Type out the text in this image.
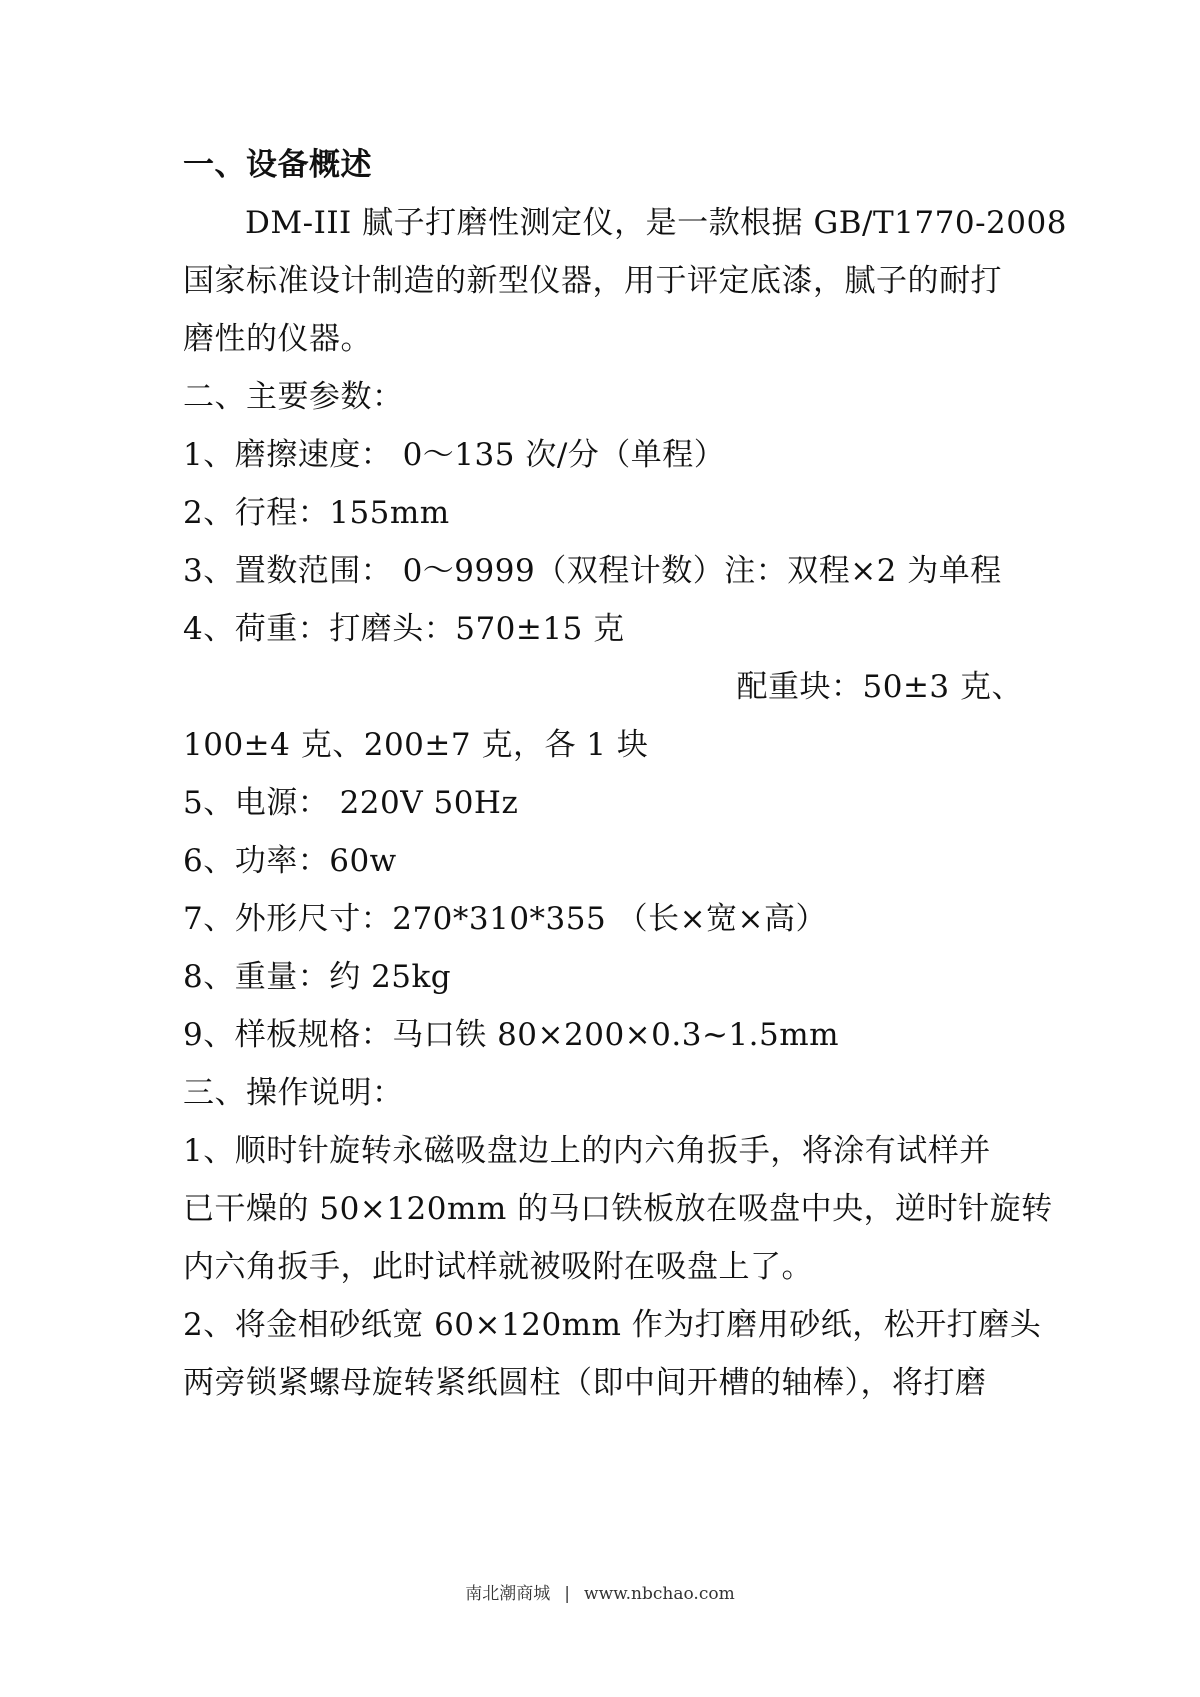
一、设备概述
DM-III 腻子打磨性测定仪，是一款根据 GB/T1770-2008
国家标准设计制造的新型仪器，用于评定底漆，腻子的耐打
磨性的仪器。
二、主要参数：
1、磨擦速度： 0～135 次/分（单程）
2、行程：155mm
3、置数范围： 0～9999（双程计数）注：双程×2 为单程
4、荷重：打磨头：570±15 克
配重块：50±3 克、
100±4 克、200±7 克，各 1 块
5、电源： 220V 50Hz
6、功率：60w
7、外形尺寸：270*310*355 （长×宽×高）
8、重量：约 25kg
9、样板规格：马口铁 80×200×0.3~1.5mm
三、操作说明：
1、顺时针旋转永磁吸盘边上的内六角扳手，将涂有试样并
已干燥的 50×120mm 的马口铁板放在吸盘中央，逆时针旋转
内六角扳手，此时试样就被吸附在吸盘上了。
2、将金相砂纸宽 60×120mm 作为打磨用砂纸，松开打磨头
两旁锁紧螺母旋转紧纸圆柱（即中间开槽的轴棒），将打磨
南北潮商城 | www.nbchao.com
